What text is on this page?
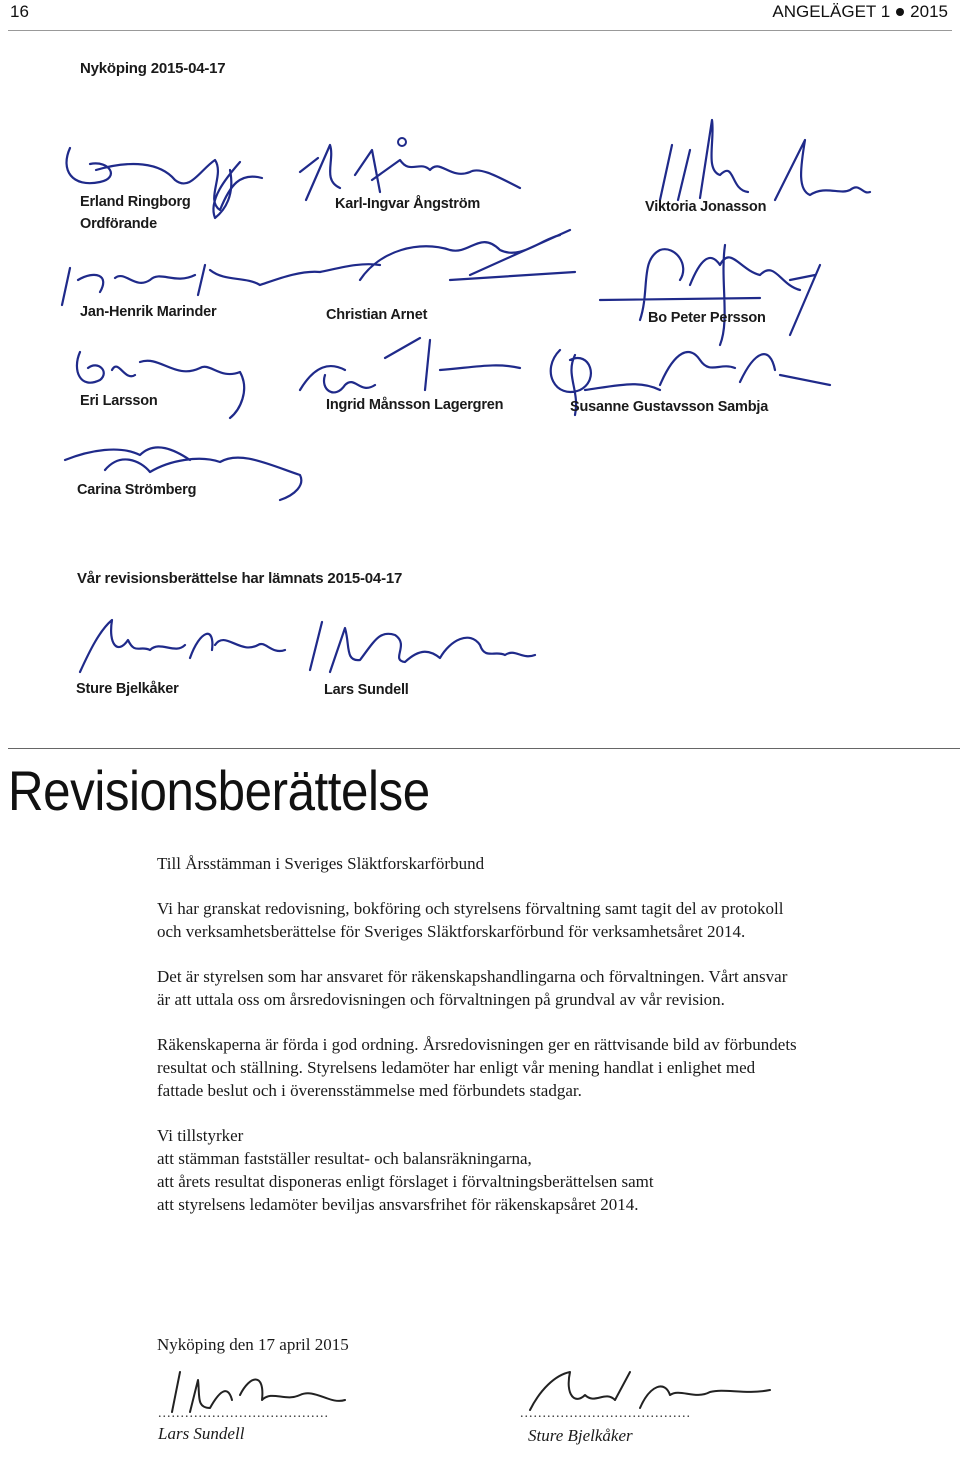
16	ANGELÄGET 1 2015
Nyköping 2015-04-17
Erland Ringborg
Ordförande
Karl-Ingvar Ångström	Viktoria Jonasson
Jan-Henrik Marinder	Christian Arnet	Bo Peter Persson
Eri Larsson	Ingrid Månsson Lagergren	Susanne Gustavsson Sambja
Carina Strömberg
Vår revisionsberättelse har lämnats 2015-04-17
Sture Bjelkåker	Lars Sundell
Revisionsberättelse

Till Årsstämman i Sveriges Släktforskarförbund

Vi har granskat redovisning, bokföring och styrelsens förvaltning samt tagit del av protokoll och verksamhetsberättelse för Sveriges Släktforskarförbund för verksamhetsåret 2014.

Det är styrelsen som har ansvaret för räkenskapshandlingarna och förvaltningen. Vårt ansvar är att uttala oss om årsredovisningen och förvaltningen på grundval av vår revision.

Räkenskaperna är förda i god ordning. Årsredovisningen ger en rättvisande bild av förbundets resultat och ställning. Styrelsens ledamöter har enligt vår mening handlat i enlighet med fattade beslut och i överensstämmelse med förbundets stadgar.

Vi tillstyrker

att stämman fastställer resultat- och balansräkningarna,

att årets resultat disponeras enligt förslaget i förvaltningsberättelsen samt

att styrelsens ledamöter beviljas ansvarsfrihet för räkenskapsåret 2014.

Nyköping den 17 april 2015
......................................	......................................
Lars Sundell	Sture Bjelkåker
